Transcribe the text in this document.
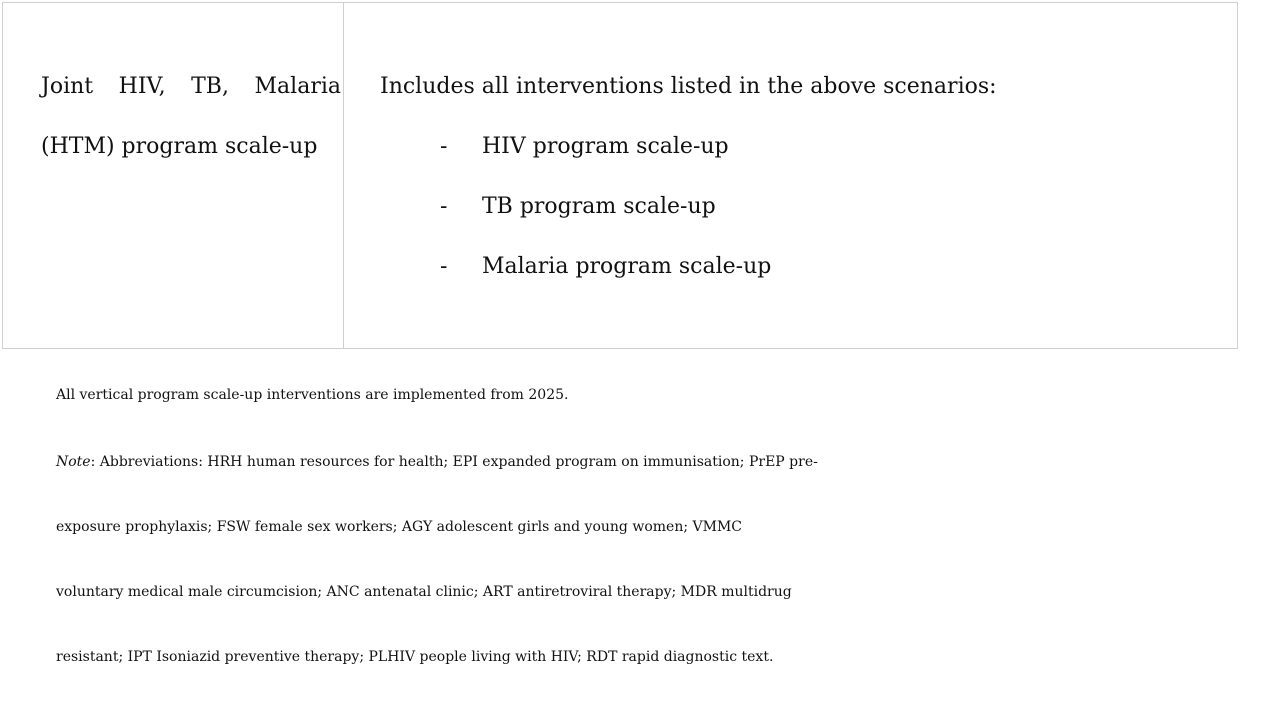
Joint HIV, TB, Malaria

(HTM) program scale-up

Includes all interventions listed in the above scenarios:

- HIV program scale-up
- TB program scale-up
- Malaria program scale-up

All vertical program scale-up interventions are implemented from 2025.

Note: Abbreviations: HRH human resources for health; EPI expanded program on immunisation; PrEP pre-
exposure prophylaxis; FSW female sex workers; AGY adolescent girls and young women; VMMC
voluntary medical male circumcision; ANC antenatal clinic; ART antiretroviral therapy; MDR multidrug
resistant; IPT Isoniazid preventive therapy; PLHIV people living with HIV; RDT rapid diagnostic text.
